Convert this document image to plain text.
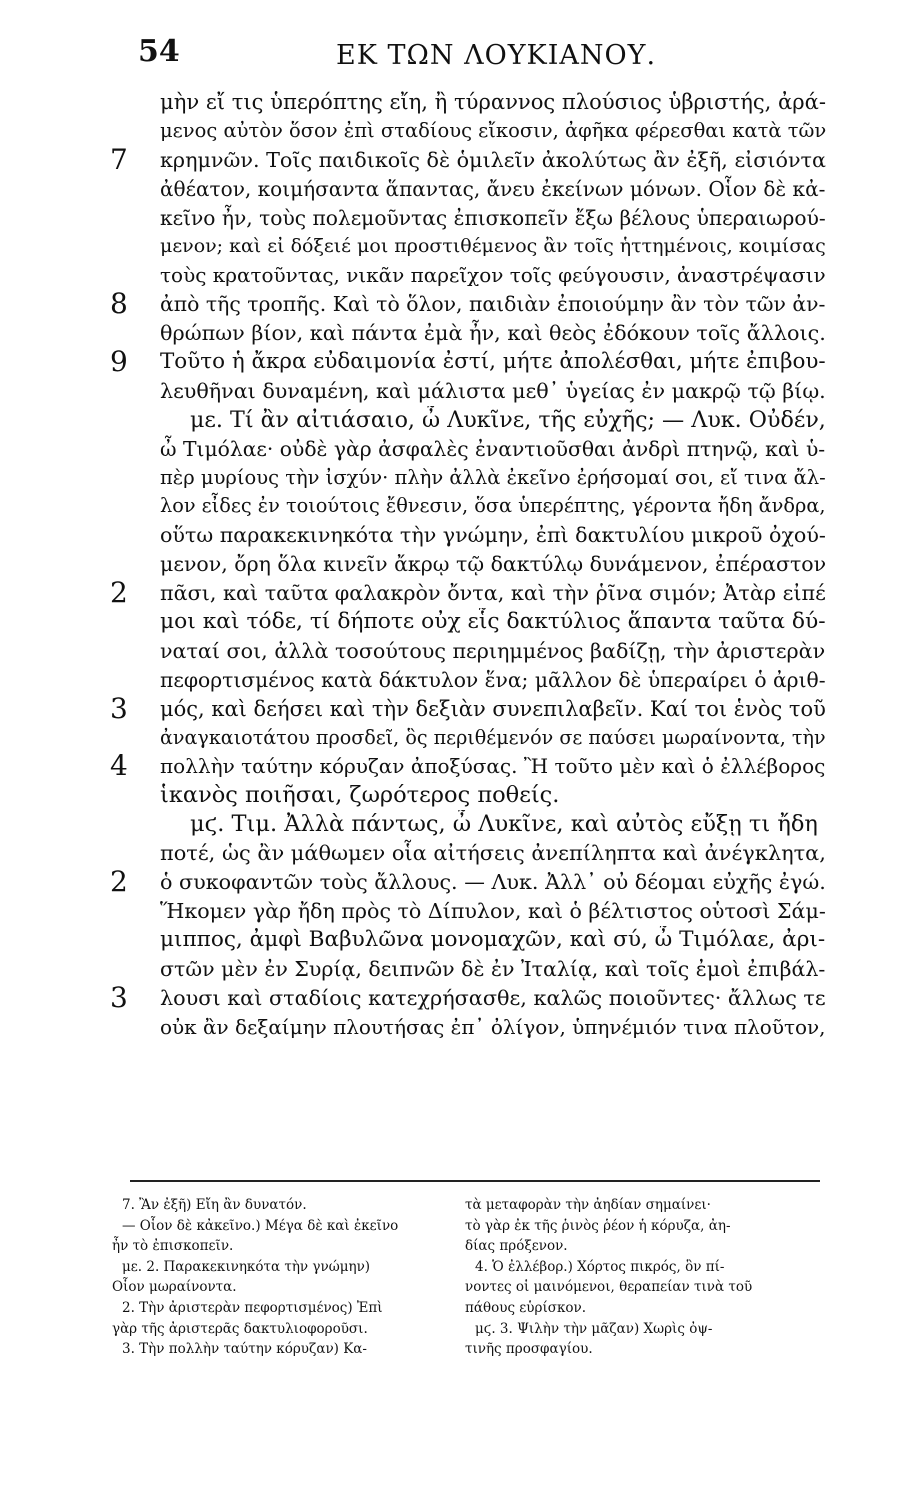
54	ΕΚ ΤΩΝ ΛΟΥΚΙΑΝΟΥ.
μὴν εἴ τις ὑπερόπτης εἴη, ἢ τύραννος πλούσιος ὑβριστής, ἀρά-
μενος αὐτὸν ὅσον ἐπὶ σταδίους εἴκοσιν, ἀφῆκα φέρεσθαι κατὰ τῶν
7 κρημνῶν. Τοῖς παιδικοῖς δὲ ὁμιλεῖν ἀκολύτως ἂν ἐξῆ, εἰσιόντα
ἀθέατον, κοιμήσαντα ἅπαντας, ἄνευ ἐκείνων μόνων. Οἷον δὲ κἀ-
κεῖνο ἦν, τοὺς πολεμοῦντας ἐπισκοπεῖν ἔξω βέλους ὑπεραιωρού-
μενον; καὶ εἰ δόξειέ μοι προστιθέμενος ἂν τοῖς ἡττημένοις, κοιμίσας
τοὺς κρατοῦντας, νικᾶν παρεῖχον τοῖς φεύγουσιν, ἀναστρέψασιν
8 ἀπὸ τῆς τροπῆς. Καὶ τὸ ὅλον, παιδιὰν ἐποιούμην ἂν τὸν τῶν ἀν-
θρώπων βίον, καὶ πάντα ἐμὰ ἦν, καὶ θεὸς ἐδόκουν τοῖς ἄλλοις.
9 Τοῦτο ἡ ἄκρα εὐδαιμονία ἐστί, μήτε ἀπολέσθαι, μήτε ἐπιβου-
λευθῆναι δυναμένη, καὶ μάλιστα μεθ᾽ ὑγείας ἐν μακρῷ τῷ βίῳ.
με. Τί ἂν αἰτιάσαιο, ὦ Λυκῖνε, τῆς εὐχῆς; — Λυκ. Οὐδέν,
ὦ Τιμόλαε· οὐδὲ γὰρ ἀσφαλὲς ἐναντιοῦσθαι ἀνδρὶ πτηνῷ, καὶ ὑ-
πὲρ μυρίους τὴν ἰσχύν· πλὴν ἀλλὰ ἐκεῖνο ἐρήσομαί σοι, εἴ τινα ἄλ-
λον εἶδες ἐν τοιούτοις ἔθνεσιν, ὅσα ὑπερέπτης, γέροντα ἤδη ἄνδρα,
οὕτω παρακεκινηκότα τὴν γνώμην, ἐπὶ δακτυλίου μικροῦ ὀχού-
μενον, ὄρη ὅλα κινεῖν ἄκρῳ τῷ δακτύλῳ δυνάμενον, ἐπέραστον
2 πᾶσι, καὶ ταῦτα φαλακρὸν ὄντα, καὶ τὴν ῥῖνα σιμόν; Ἀτὰρ εἰπέ
μοι καὶ τόδε, τί δήποτε οὐχ εἷς δακτύλιος ἅπαντα ταῦτα δύ-
ναταί σοι, ἀλλὰ τοσούτους περιημμένος βαδίζῃ, τὴν ἀριστερὰν
πεφορτισμένος κατὰ δάκτυλον ἕνα; μᾶλλον δὲ ὑπεραίρει ὁ ἀριθ-
3 μός, καὶ δεήσει καὶ τὴν δεξιὰν συνεπιλαβεῖν. Καί τοι ἑνὸς τοῦ
ἀναγκαιοτάτου προσδεῖ, ὃς περιθέμενόν σε παύσει μωραίνοντα, τὴν
4 πολλὴν ταύτην κόρυζαν ἀποξύσας. Ἢ τοῦτο μὲν καὶ ὁ ἐλλέβορος
ἱκανὸς ποιῆσαι, ζωρότερος ποθείς.
μϛ. Τιμ. Ἀλλὰ πάντως, ὦ Λυκῖνε, καὶ αὐτὸς εὔξῃ τι ἤδη
ποτέ, ὡς ἂν μάθωμεν οἷα αἰτήσεις ἀνεπίληπτα καὶ ἀνέγκλητα,
2 ὁ συκοφαντῶν τοὺς ἄλλους. — Λυκ. Ἀλλ᾽ οὐ δέομαι εὐχῆς ἐγώ.
Ἥκομεν γὰρ ἤδη πρὸς τὸ Δίπυλον, καὶ ὁ βέλτιστος οὑτοσὶ Σάμ-
μιππος, ἀμφὶ Βαβυλῶνα μονομαχῶν, καὶ σύ, ὦ Τιμόλαε, ἀρι-
στῶν μὲν ἐν Συρίᾳ, δειπνῶν δὲ ἐν Ἰταλίᾳ, καὶ τοῖς ἐμοὶ ἐπιβάλ-
3 λουσι καὶ σταδίοις κατεχρήσασθε, καλῶς ποιοῦντες· ἄλλως τε
οὐκ ἂν δεξαίμην πλουτήσας ἐπ᾽ ὀλίγον, ὑπηνέμιόν τινα πλοῦτον,
7. Ἂν ἐξῆ) Εἴη ἂν δυνατόν.
— Οἷον δὲ κἀκεῖνο.) Μέγα δὲ καὶ ἐκεῖνο
ἦν τὸ ἐπισκοπεῖν.
με. 2. Παρακεκινηκότα τὴν γνώμην)
Οἷον μωραίνοντα.
2. Τὴν ἀριστερὰν πεφορτισμένος) Ἐπὶ
γὰρ τῆς ἀριστερᾶς δακτυλιοφοροῦσι.
3. Τὴν πολλὴν ταύτην κόρυζαν) Κα-
τὰ μεταφορὰν τὴν ἀηδίαν σημαίνει·
τὸ γὰρ ἐκ τῆς ῥινὸς ῥέον ἡ κόρυζα, ἀη-
δίας πρόξενον.
4. Ὁ ἐλλέβορ.) Χόρτος πικρός, ὃν πί-
νοντες οἱ μαινόμενοι, θεραπείαν τινὰ τοῦ
πάθους εὑρίσκον.
μϛ. 3. Ψιλὴν τὴν μᾶζαν) Χωρὶς ὀψ-
τινῆς προσφαγίου.
